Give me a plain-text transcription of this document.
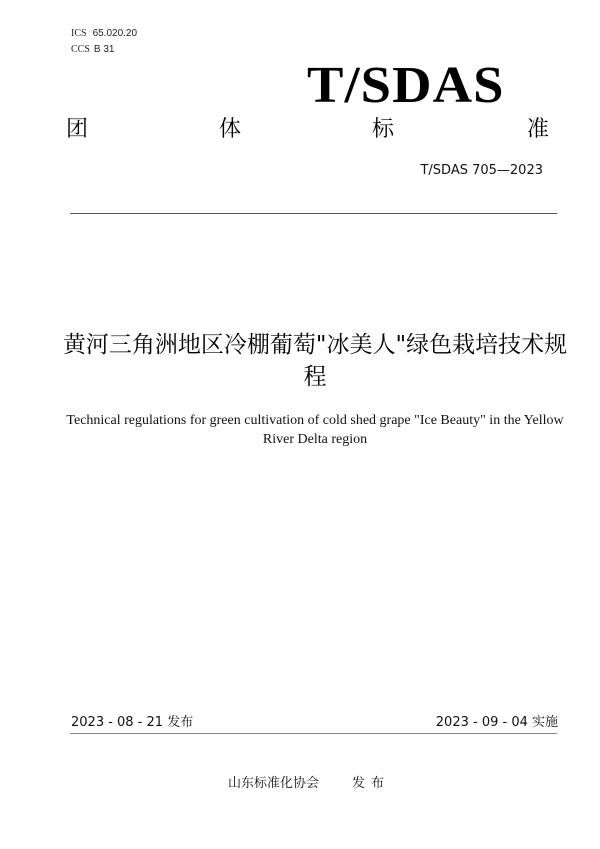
ICS 65.020.20
CCS B 31
T/SDAS
团	体	标	准
T/SDAS 705—2023
黄河三角洲地区冷棚葡萄"冰美人"绿色栽培技术规程
Technical regulations for green cultivation of cold shed grape "Ice Beauty" in the Yellow River Delta region
2023 - 08 - 21 发布	2023 - 09 - 04 实施
山东标准化协会	发布
